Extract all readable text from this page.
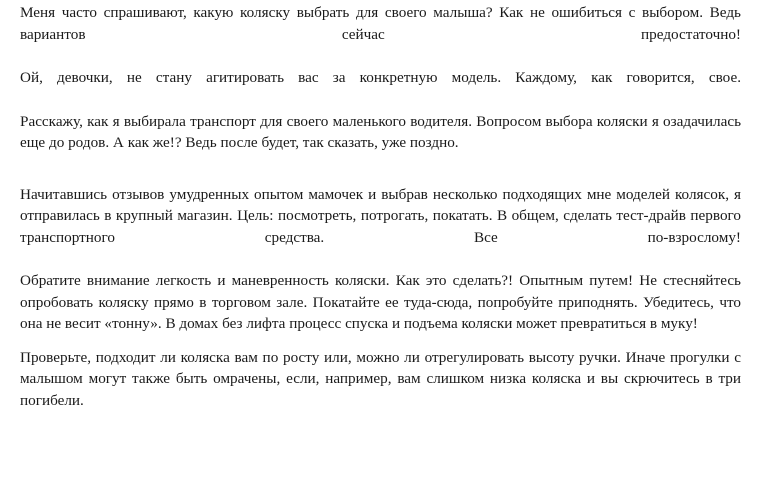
Меня часто спрашивают, какую коляску выбрать для своего малыша? Как не ошибиться с выбором. Ведь вариантов сейчас предостаточно!

Ой, девочки, не стану агитировать вас за конкретную модель. Каждому, как говорится, свое.

Расскажу, как я выбирала транспорт для своего маленького водителя. Вопросом выбора коляски я озадачилась еще до родов. А как же!? Ведь после будет, так сказать, уже поздно.

Начитавшись отзывов умудренных опытом мамочек и выбрав несколько подходящих мне моделей колясок, я отправилась в крупный магазин. Цель: посмотреть, потрогать, покатать. В общем, сделать тест-драйв первого транспортного средства. Все по-взрослому!

Обратите внимание легкость и маневренность коляски. Как это сделать?! Опытным путем! Не стесняйтесь опробовать коляску прямо в торговом зале. Покатайте ее туда-сюда, попробуйте приподнять. Убедитесь, что она не весит «тонну». В домах без лифта процесс спуска и подъема коляски может превратиться в муку!

Проверьте, подходит ли коляска вам по росту или, можно ли отрегулировать высоту ручки. Иначе прогулки с малышом могут также быть омрачены, если, например, вам слишком низка коляска и вы скрючитесь в три погибели.
